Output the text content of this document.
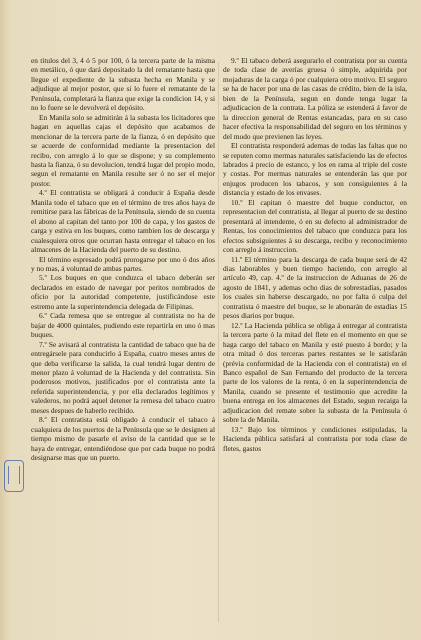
en títulos del 3, 4 ó 5 por 100, ó la tercera parte de la misma en metálico, ó que dará depositado la del rematante hasta que llegue el expediente de la subasta hecha en Manila y se adjudique al mejor postor, que si lo fuere el rematante de la Península, completará la fianza que exige la condicion 14, y si no lo fuere se le devolverá el depósito.

En Manila solo se admitirán á la subasta los licitadores que hagan en aquellas cajas el depósito que acabamos de mencionar de la tercera parte de la fianza, ó en depósito que se acuerde de conformidad mediante la presentacion del recibo, con arreglo á lo que se dispone; y su complemento hasta la fianza, ó su devolucion, tendrá lugar del propio modo, segun el rematante en Manila resulte ser ó no ser el mejor postor.

4.º El contratista se obligará á conducir á España desde Manila todo el tabaco que en el término de tres años haya de remitirse para las fábricas de la Península, siendo de su cuenta el abono al capitan del tanto por 100 de capa, y los gastos de carga y estiva en los buques, como tambien los de descarga y cualesquiera otros que ocurran hasta entregar el tabaco en los almacenes de la Hacienda del puerto de su destino.

El término espresado podrá prorogarse por uno ó dos años y no mas, á voluntad de ambas partes.

5.º Los buques en que conduzca el tabaco deberán ser declarados en estado de navegar por peritos nombrados de oficio por la autoridad competente, justificándose este estremo ante la superintendencia delegada de Filipinas.

6.º Cada remesa que se entregue al contratista no ha de bajar de 4000 quintales, pudiendo este repartirla en uno ó mas buques.

7.º Se avisará al contratista la cantidad de tabaco que ha de entregársele para conducirlo á España, cuatro meses antes de que deba verificarse la salida, la cual tendrá lugar dentro de menor plazo á voluntad de la Hacienda y del contratista. Sin poderosos motivos, justificados por el contratista ante la referida superintendencia, y por ella declarados legítimos y valederos, no podrá aquel detener la remesa del tabaco cuatro meses despues de haberlo recibido.

8.º El contratista está obligado á conducir el tabaco á cualquiera de los puertos de la Península que se le designen al tiempo mismo de pasarle el aviso de la cantidad que se le haya de entregar, entendiéndose que por cada buque no podrá designarse mas que un puerto.

9.º El tabaco deberá asegurarlo el contratista por su cuenta de toda clase de averías gruesa ó simple, adquirida por mojaduras de la carga ó por cualquiera otro motivo. El seguro se ha de hacer por una de las casas de crédito, bien de la isla, bien de la Península, segun en donde tenga lugar la adjudicacion de la contrata. La póliza se estenderá á favor de la direccion general de Rentas estancadas, para en su caso hacer efectiva la responsabilidad del seguro en los términos y del modo que previenen las leyes.

El contratista responderá ademas de todas las faltas que no se reputen como mermas naturales satisfaciendo las de efectos labrados á precio de estanco, y los en rama al triple del coste y costas. Por mermas naturales se entenderán las que por enjugos producen los tabacos, y son consiguientes á la distancia y estado de los envases.

10.º El capitan ó maestre del buque conductor, en representacion del contratista, al llegar al puerto de su destino presentará al intendente, ó en su defecto al administrador de Rentas, los conocimientos del tabaco que conduzca para los efectos subsiguientes á su descarga, recibo y reconocimiento con arreglo á instruccion.

11.º El término para la descarga de cada buque será de 42 dias laborables y buen tiempo haciendo, con arreglo al artículo 49, cap. 4.º de la instruccion de Aduanas de 26 de agosto de 1841, y ademas ocho dias de sobrestadías, pasados los cuales sin haberse descargado, no por falta ó culpa del contratista ó maestre del buque, se le abonarán de estadías 15 pesos diarios por buque.

12.º La Hacienda pública se obliga á entregar al contratista la tercera parte ó la mitad del flete en el momento en que se haga cargo del tabaco en Manila y esté puesto á bordo; y la otra mitad ó dos terceras partes restantes se le satisfarán (prévia conformidad de la Hacienda con el contratista) en el Banco español de San Fernando del producto de la tercera parte de los valores de la renta, ó en la superintendencia de Manila, cuando se presente el testimonio que acredite la buena entrega en los almacenes del Estado, segun recaiga la adjudicacion del remate sobre la subasta de la Península ó sobre la de Manila.

13.º Bajo los términos y condiciones estipuladas, la Hacienda pública satisfará al contratista por toda clase de fletes, gastos
